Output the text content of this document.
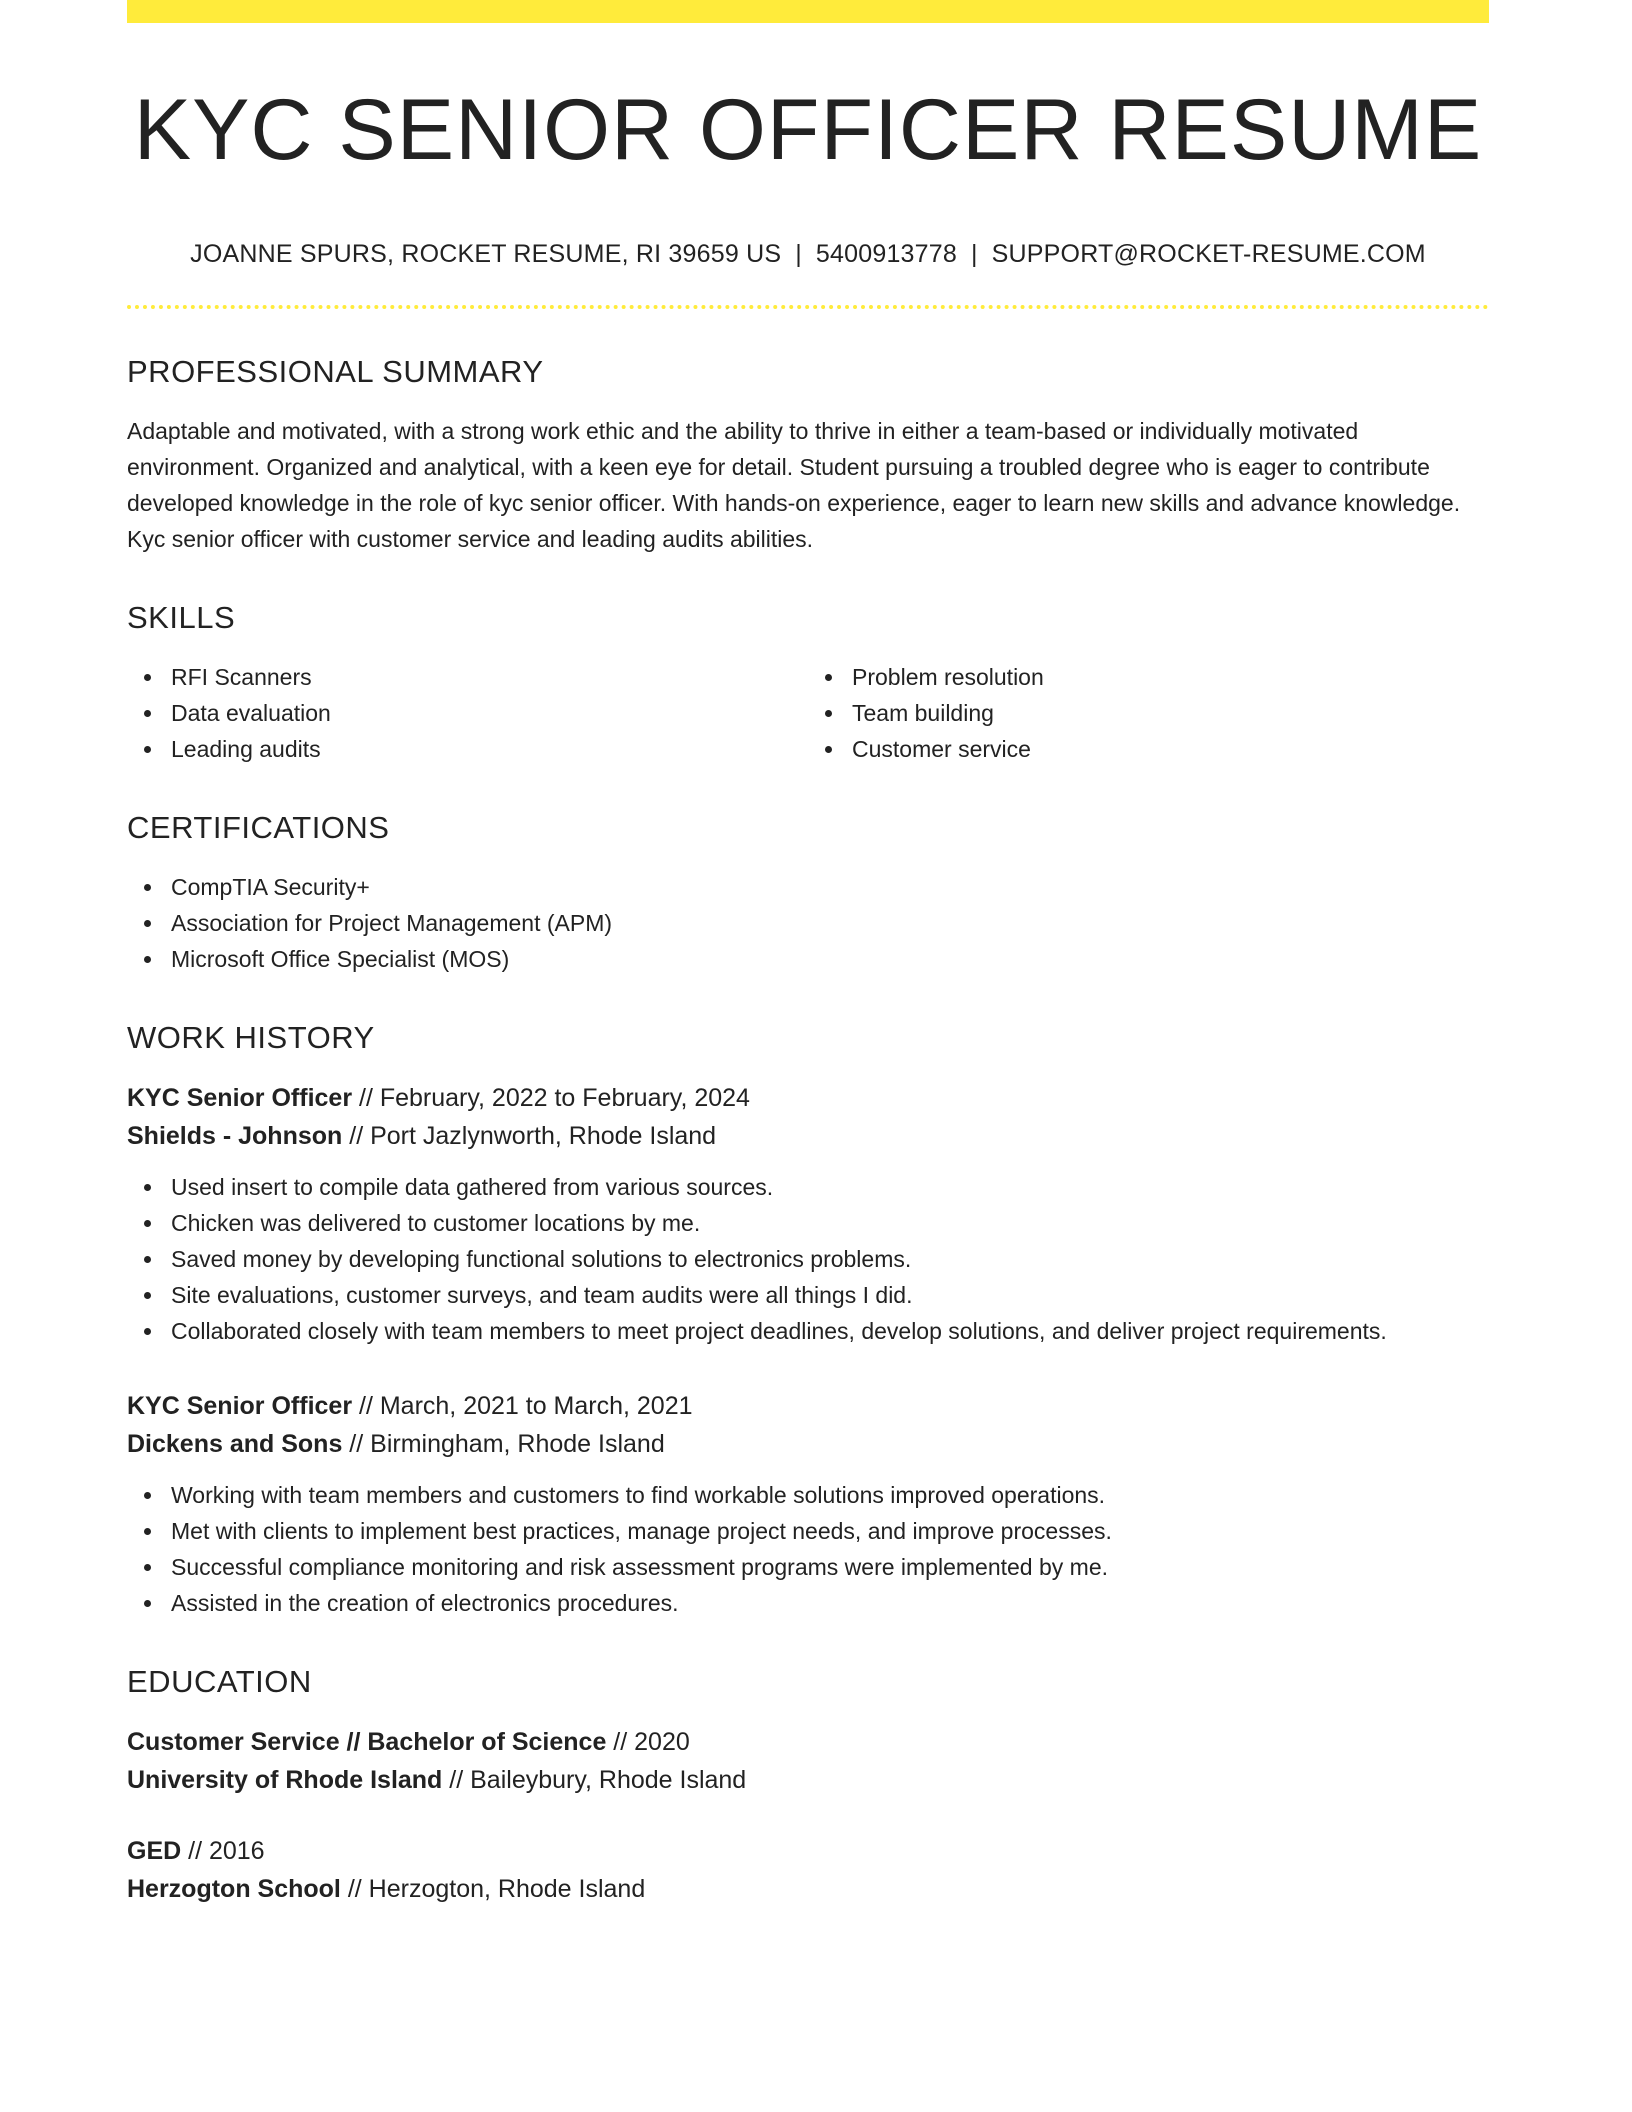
KYC SENIOR OFFICER RESUME
JOANNE SPURS, ROCKET RESUME, RI 39659 US | 5400913778 | SUPPORT@ROCKET-RESUME.COM
PROFESSIONAL SUMMARY

Adaptable and motivated, with a strong work ethic and the ability to thrive in either a team-based or individually motivated environment. Organized and analytical, with a keen eye for detail. Student pursuing a troubled degree who is eager to contribute developed knowledge in the role of kyc senior officer. With hands-on experience, eager to learn new skills and advance knowledge. Kyc senior officer with customer service and leading audits abilities.

SKILLS
RFI Scanners
Data evaluation
Leading audits
Problem resolution
Team building
Customer service
CERTIFICATIONS
CompTIA Security+
Association for Project Management (APM)
Microsoft Office Specialist (MOS)
WORK HISTORY
KYC Senior Officer // February, 2022 to February, 2024
Shields - Johnson // Port Jazlynworth, Rhode Island
Used insert to compile data gathered from various sources.
Chicken was delivered to customer locations by me.
Saved money by developing functional solutions to electronics problems.
Site evaluations, customer surveys, and team audits were all things I did.
Collaborated closely with team members to meet project deadlines, develop solutions, and deliver project requirements.
KYC Senior Officer // March, 2021 to March, 2021
Dickens and Sons // Birmingham, Rhode Island
Working with team members and customers to find workable solutions improved operations.
Met with clients to implement best practices, manage project needs, and improve processes.
Successful compliance monitoring and risk assessment programs were implemented by me.
Assisted in the creation of electronics procedures.
EDUCATION
Customer Service // Bachelor of Science // 2020
University of Rhode Island // Baileybury, Rhode Island
GED // 2016
Herzogton School // Herzogton, Rhode Island
